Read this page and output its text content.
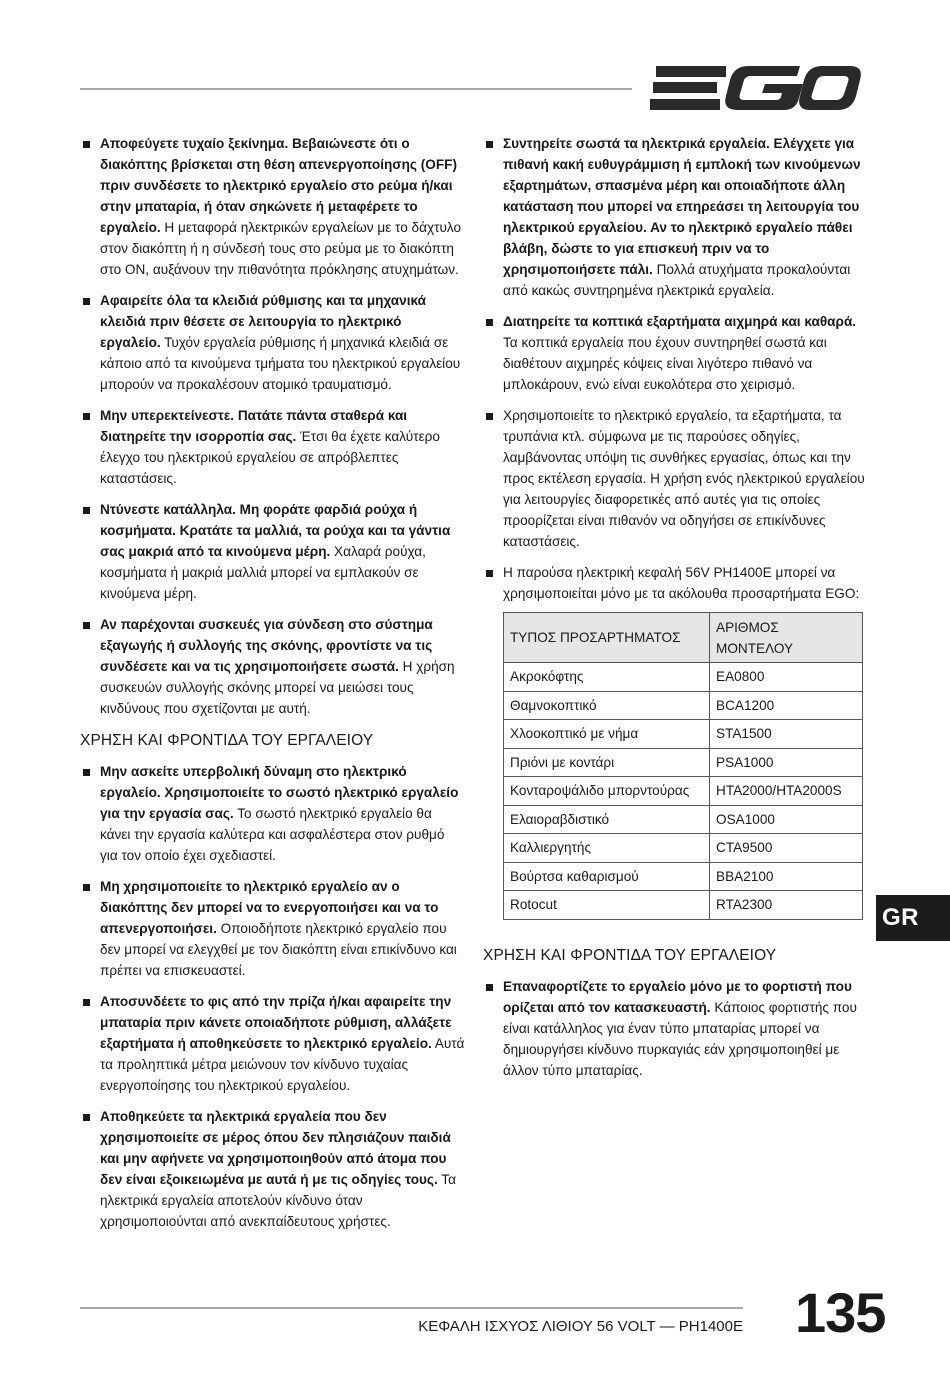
Αποφεύγετε τυχαίο ξεκίνημα. Βεβαιώνεστε ότι ο διακόπτης βρίσκεται στη θέση απενεργοποίησης (OFF) πριν συνδέσετε το ηλεκτρικό εργαλείο στο ρεύμα ή/και στην μπαταρία, ή όταν σηκώνετε ή μεταφέρετε το εργαλείο. Η μεταφορά ηλεκτρικών εργαλείων με το δάχτυλο στον διακόπτη ή η σύνδεσή τους στο ρεύμα με το διακόπτη στο ON, αυξάνουν την πιθανότητα πρόκλησης ατυχημάτων.
Αφαιρείτε όλα τα κλειδιά ρύθμισης και τα μηχανικά κλειδιά πριν θέσετε σε λειτουργία το ηλεκτρικό εργαλείο. Τυχόν εργαλεία ρύθμισης ή μηχανικά κλειδιά σε κάποιο από τα κινούμενα τμήματα του ηλεκτρικού εργαλείου μπορούν να προκαλέσουν ατομικό τραυματισμό.
Μην υπερεκτείνεστε. Πατάτε πάντα σταθερά και διατηρείτε την ισορροπία σας. Έτσι θα έχετε καλύτερο έλεγχο του ηλεκτρικού εργαλείου σε απρόβλεπτες καταστάσεις.
Ντύνεστε κατάλληλα. Μη φοράτε φαρδιά ρούχα ή κοσμήματα. Κρατάτε τα μαλλιά, τα ρούχα και τα γάντια σας μακριά από τα κινούμενα μέρη. Χαλαρά ρούχα, κοσμήματα ή μακριά μαλλιά μπορεί να εμπλακούν σε κινούμενα μέρη.
Αν παρέχονται συσκευές για σύνδεση στο σύστημα εξαγωγής ή συλλογής της σκόνης, φροντίστε να τις συνδέσετε και να τις χρησιμοποιήσετε σωστά. Η χρήση συσκευών συλλογής σκόνης μπορεί να μειώσει τους κινδύνους που σχετίζονται με αυτή.
ΧΡΗΣΗ ΚΑΙ ΦΡΟΝΤΙΔΑ ΤΟΥ ΕΡΓΑΛΕΙΟΥ
Μην ασκείτε υπερβολική δύναμη στο ηλεκτρικό εργαλείο. Χρησιμοποιείτε το σωστό ηλεκτρικό εργαλείο για την εργασία σας. Το σωστό ηλεκτρικό εργαλείο θα κάνει την εργασία καλύτερα και ασφαλέστερα στον ρυθμό για τον οποίο έχει σχεδιαστεί.
Μη χρησιμοποιείτε το ηλεκτρικό εργαλείο αν ο διακόπτης δεν μπορεί να το ενεργοποιήσει και να το απενεργοποιήσει. Οποιοδήποτε ηλεκτρικό εργαλείο που δεν μπορεί να ελεγχθεί με τον διακόπτη είναι επικίνδυνο και πρέπει να επισκευαστεί.
Αποσυνδέετε το φις από την πρίζα ή/και αφαιρείτε την μπαταρία πριν κάνετε οποιαδήποτε ρύθμιση, αλλάξετε εξαρτήματα ή αποθηκεύσετε το ηλεκτρικό εργαλείο. Αυτά τα προληπτικά μέτρα μειώνουν τον κίνδυνο τυχαίας ενεργοποίησης του ηλεκτρικού εργαλείου.
Αποθηκεύετε τα ηλεκτρικά εργαλεία που δεν χρησιμοποιείτε σε μέρος όπου δεν πλησιάζουν παιδιά και μην αφήνετε να χρησιμοποιηθούν από άτομα που δεν είναι εξοικειωμένα με αυτά ή με τις οδηγίες τους. Τα ηλεκτρικά εργαλεία αποτελούν κίνδυνο όταν χρησιμοποιούνται από ανεκπαίδευτους χρήστες.
Συντηρείτε σωστά τα ηλεκτρικά εργαλεία. Ελέγχετε για πιθανή κακή ευθυγράμμιση ή εμπλοκή των κινούμενων εξαρτημάτων, σπασμένα μέρη και οποιαδήποτε άλλη κατάσταση που μπορεί να επηρεάσει τη λειτουργία του ηλεκτρικού εργαλείου. Αν το ηλεκτρικό εργαλείο πάθει βλάβη, δώστε το για επισκευή πριν να το χρησιμοποιήσετε πάλι. Πολλά ατυχήματα προκαλούνται από κακώς συντηρημένα ηλεκτρικά εργαλεία.
Διατηρείτε τα κοπτικά εξαρτήματα αιχμηρά και καθαρά. Τα κοπτικά εργαλεία που έχουν συντηρηθεί σωστά και διαθέτουν αιχμηρές κόψεις είναι λιγότερο πιθανό να μπλοκάρουν, ενώ είναι ευκολότερα στο χειρισμό.
Χρησιμοποιείτε το ηλεκτρικό εργαλείο, τα εξαρτήματα, τα τρυπάνια κτλ. σύμφωνα με τις παρούσες οδηγίες, λαμβάνοντας υπόψη τις συνθήκες εργασίας, όπως και την προς εκτέλεση εργασία. Η χρήση ενός ηλεκτρικού εργαλείου για λειτουργίες διαφορετικές από αυτές για τις οποίες προορίζεται είναι πιθανόν να οδηγήσει σε επικίνδυνες καταστάσεις.
Η παρούσα ηλεκτρική κεφαλή 56V PH1400E μπορεί να χρησιμοποιείται μόνο με τα ακόλουθα προσαρτήματα EGO:
ΤΥΠΟΣ ΠΡΟΣΑΡΤΗΜΑΤΟΣ	ΑΡΙΘΜΟΣ ΜΟΝΤΕΛΟΥ
Ακροκόφτης	EA0800
Θαμνοκοπτικό	BCA1200
Χλοοκοπτικό με νήμα	STA1500
Πριόνι με κοντάρι	PSA1000
Κονταροψάλιδο μπορντούρας	HTA2000/HTA2000S
Ελαιοραβδιστικό	OSA1000
Καλλιεργητής	CTA9500
Βούρτσα καθαρισμού	BBA2100
Rotocut	RTA2300
ΧΡΗΣΗ ΚΑΙ ΦΡΟΝΤΙΔΑ ΤΟΥ ΕΡΓΑΛΕΙΟΥ
Επαναφορτίζετε το εργαλείο μόνο με το φορτιστή που ορίζεται από τον κατασκευαστή. Κάποιος φορτιστής που είναι κατάλληλος για έναν τύπο μπαταρίας μπορεί να δημιουργήσει κίνδυνο πυρκαγιάς εάν χρησιμοποιηθεί με άλλον τύπο μπαταρίας.
GR
ΚΕΦΑΛΗ ΙΣΧΥΟΣ ΛΙΘΙΟΥ 56 VOLT — PH1400E 135
